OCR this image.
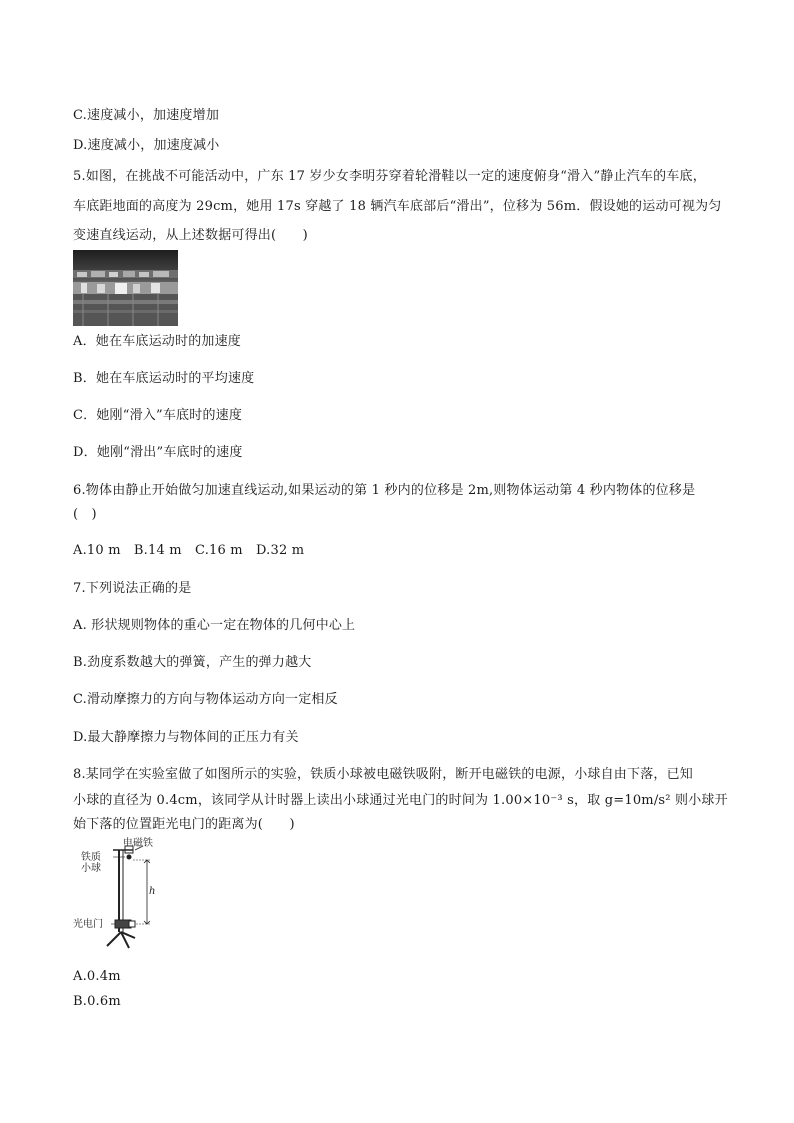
C.速度减小，加速度增加
D.速度减小，加速度减小
5.如图，在挑战不可能活动中，广东 17 岁少女李明芬穿着轮滑鞋以一定的速度俯身“滑入”静止汽车的车底，
车底距地面的高度为 29cm，她用 17s 穿越了 18 辆汽车底部后“滑出”，位移为 56m．假设她的运动可视为匀
变速直线运动，从上述数据可得出(　　)
A．她在车底运动时的加速度
B．她在车底运动时的平均速度
C．她刚“滑入”车底时的速度
D．她刚“滑出”车底时的速度
6.物体由静止开始做匀加速直线运动,如果运动的第 1 秒内的位移是 2m,则物体运动第 4 秒内物体的位移是
(　)
A.10 m　B.14 m　C.16 m　D.32 m
7.下列说法正确的是
A. 形状规则物体的重心一定在物体的几何中心上
B.劲度系数越大的弹簧，产生的弹力越大
C.滑动摩擦力的方向与物体运动方向一定相反
D.最大静摩擦力与物体间的正压力有关
8.某同学在实验室做了如图所示的实验，铁质小球被电磁铁吸附，断开电磁铁的电源，小球自由下落，已知
小球的直径为 0.4cm，该同学从计时器上读出小球通过光电门的时间为 1.00×10⁻³ s，取 g=10m/s² 则小球开
始下落的位置距光电门的距离为(　　)
电磁铁
铁质
小球
h
光电门
A.0.4m
B.0.6m
